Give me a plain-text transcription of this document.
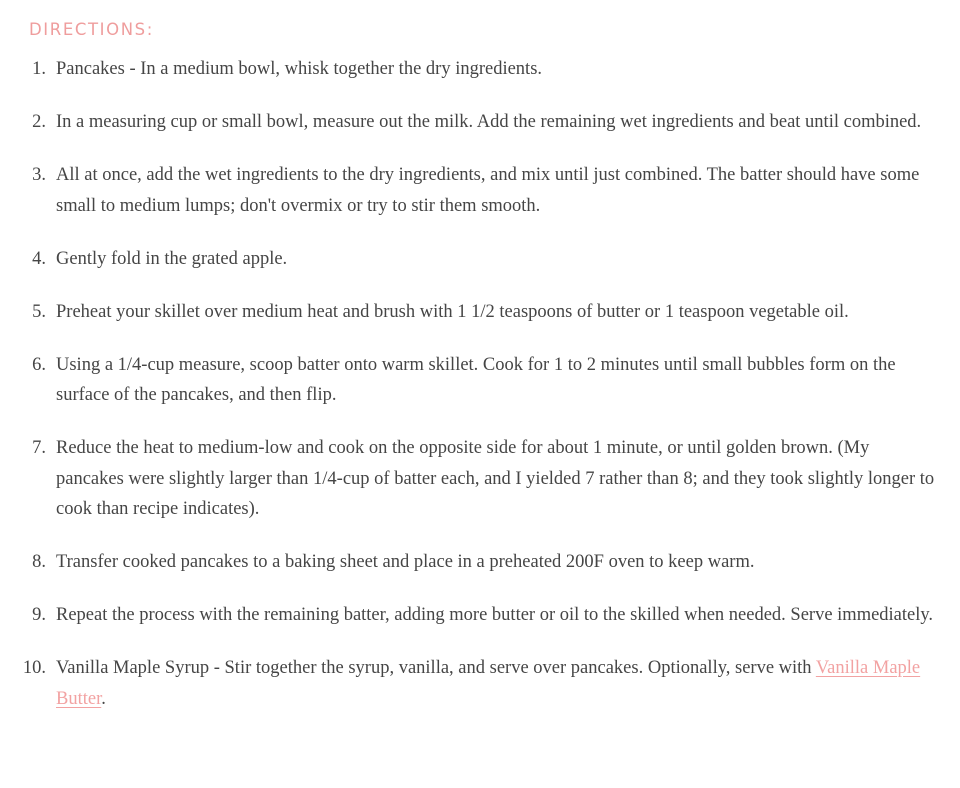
DIRECTIONS:
1. Pancakes - In a medium bowl, whisk together the dry ingredients.
2. In a measuring cup or small bowl, measure out the milk. Add the remaining wet ingredients and beat until combined.
3. All at once, add the wet ingredients to the dry ingredients, and mix until just combined. The batter should have some small to medium lumps; don't overmix or try to stir them smooth.
4. Gently fold in the grated apple.
5. Preheat your skillet over medium heat and brush with 1 1/2 teaspoons of butter or 1 teaspoon vegetable oil.
6. Using a 1/4-cup measure, scoop batter onto warm skillet. Cook for 1 to 2 minutes until small bubbles form on the surface of the pancakes, and then flip.
7. Reduce the heat to medium-low and cook on the opposite side for about 1 minute, or until golden brown. (My pancakes were slightly larger than 1/4-cup of batter each, and I yielded 7 rather than 8; and they took slightly longer to cook than recipe indicates).
8. Transfer cooked pancakes to a baking sheet and place in a preheated 200F oven to keep warm.
9. Repeat the process with the remaining batter, adding more butter or oil to the skilled when needed. Serve immediately.
10. Vanilla Maple Syrup - Stir together the syrup, vanilla, and serve over pancakes. Optionally, serve with Vanilla Maple Butter.
